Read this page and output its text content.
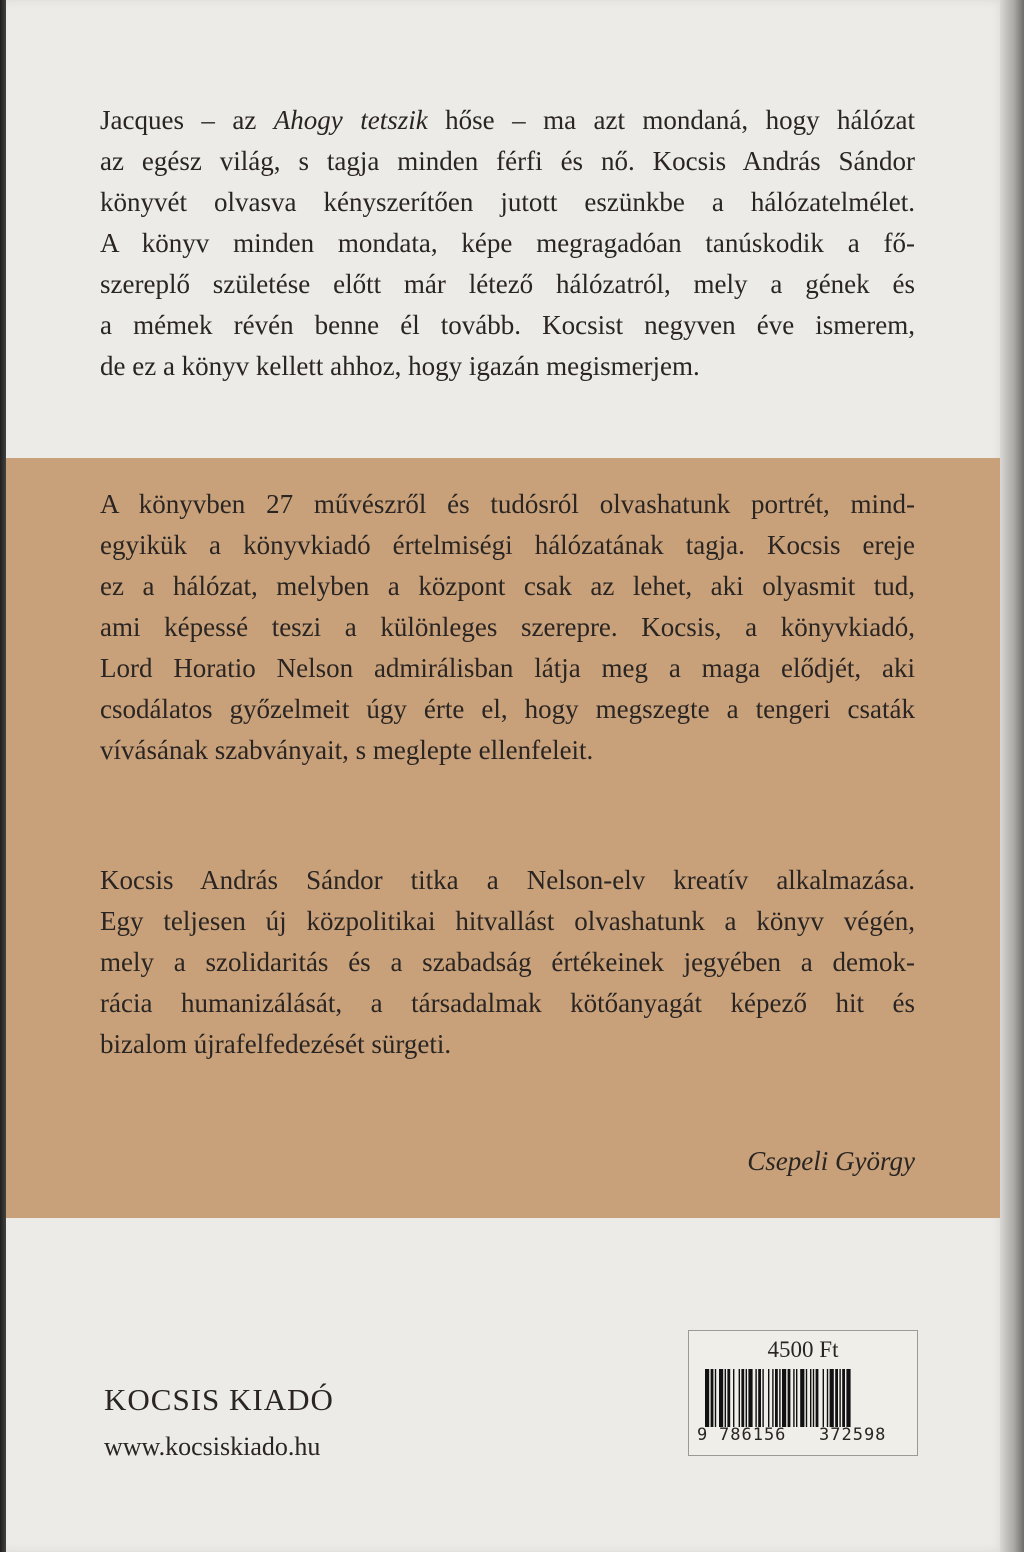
Jacques – az Ahogy tetszik hőse – ma azt mondaná, hogy hálózat
az egész világ, s tagja minden férfi és nő. Kocsis András Sándor
könyvét olvasva kényszerítően jutott eszünkbe a hálózatelmélet.
A könyv minden mondata, képe megragadóan tanúskodik a fő-
szereplő születése előtt már létező hálózatról, mely a gének és
a mémek révén benne él tovább. Kocsist negyven éve ismerem,
de ez a könyv kellett ahhoz, hogy igazán megismerjem.
A könyvben 27 művészről és tudósról olvashatunk portrét, mind-
egyikük a könyvkiadó értelmiségi hálózatának tagja. Kocsis ereje
ez a hálózat, melyben a központ csak az lehet, aki olyasmit tud,
ami képessé teszi a különleges szerepre. Kocsis, a könyvkiadó,
Lord Horatio Nelson admirálisban látja meg a maga elődjét, aki
csodálatos győzelmeit úgy érte el, hogy megszegte a tengeri csaták
vívásának szabványait, s meglepte ellenfeleit.
Kocsis András Sándor titka a Nelson-elv kreatív alkalmazása.
Egy teljesen új közpolitikai hitvallást olvashatunk a könyv végén,
mely a szolidaritás és a szabadság értékeinek jegyében a demok-
rácia humanizálását, a társadalmak kötőanyagát képező hit és
bizalom újrafelfedezését sürgeti.
Csepeli György
KOCSIS KIADÓ
www.kocsiskiado.hu
4500 Ft
9 786156 372598
